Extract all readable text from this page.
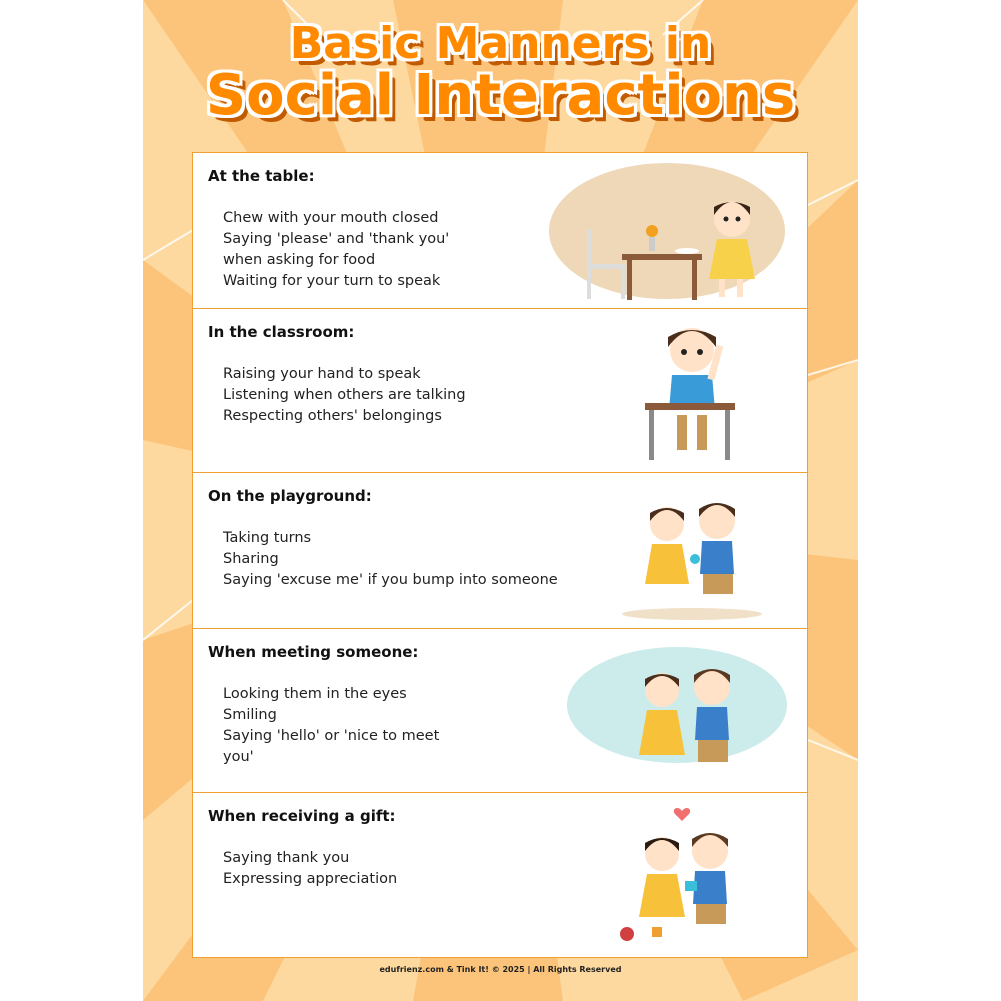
Basic Manners in
Social Interactions
At the table:
Chew with your mouth closed
Saying 'please' and 'thank you' when asking for food
Waiting for your turn to speak
In the classroom:
Raising your hand to speak
Listening when others are talking
Respecting others' belongings
On the playground:
Taking turns
Sharing
Saying 'excuse me' if you bump into someone
When meeting someone:
Looking them in the eyes
Smiling
Saying 'hello' or 'nice to meet you'
When receiving a gift:
Saying thank you
Expressing appreciation
edufrienz.com & Tink It! © 2025 | All Rights Reserved
